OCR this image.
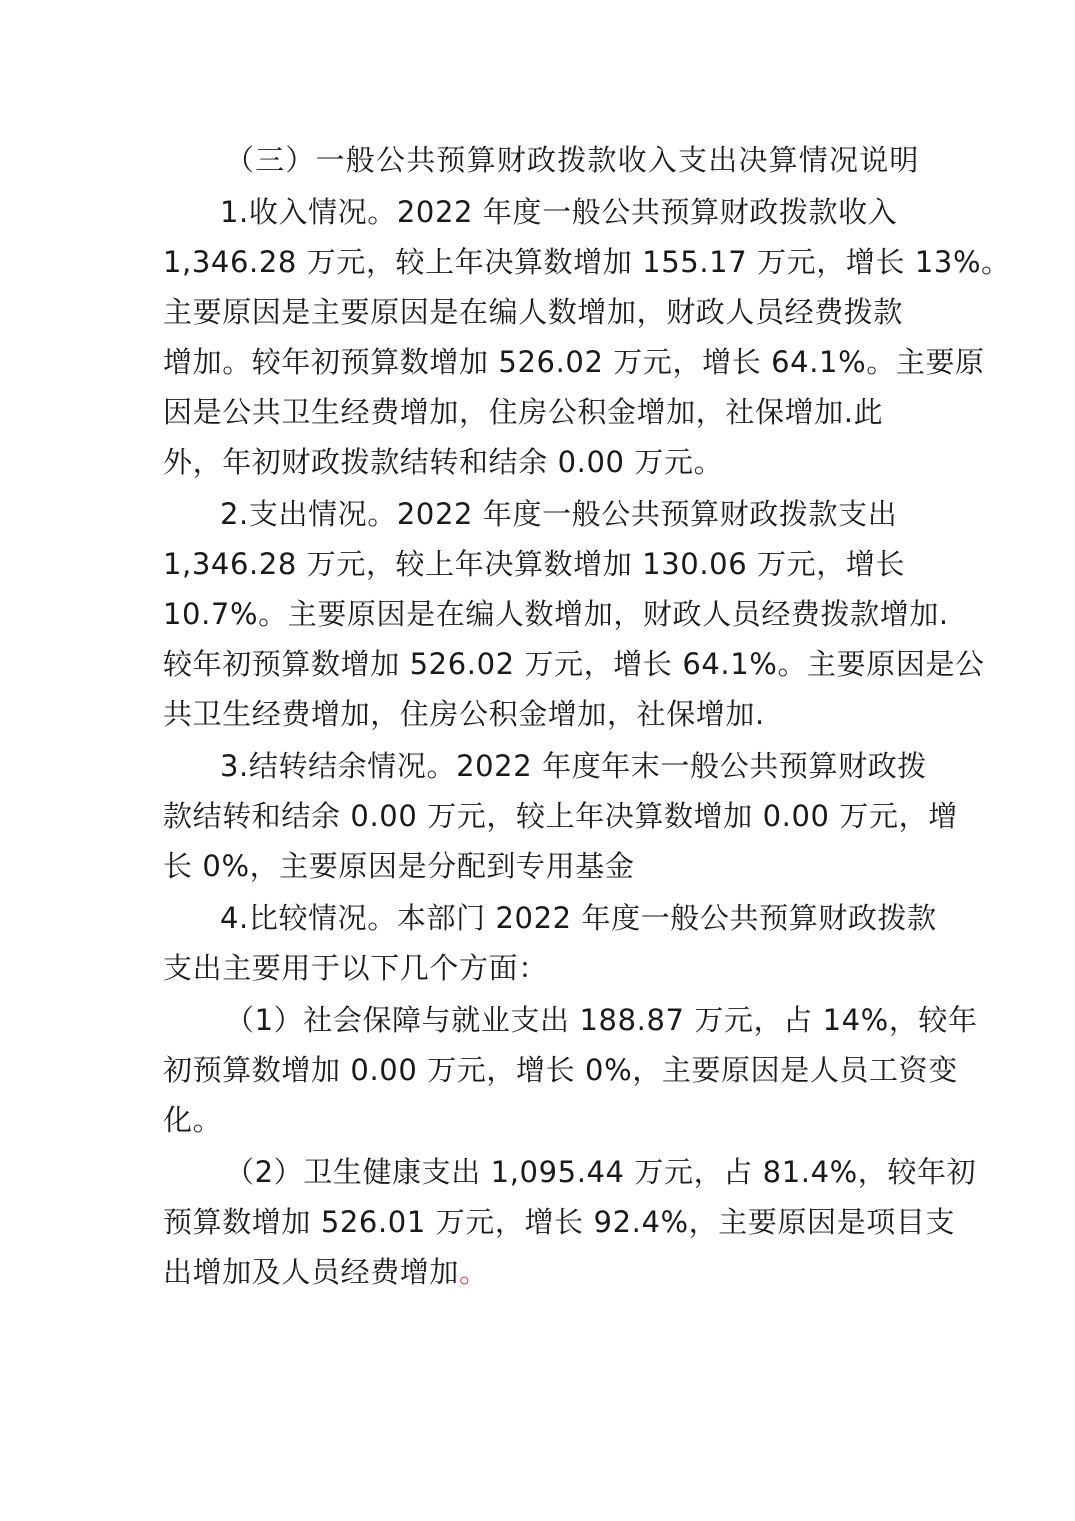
（三）一般公共预算财政拨款收入支出决算情况说明
1.收入情况。2022 年度一般公共预算财政拨款收入
1,346.28 万元，较上年决算数增加 155.17 万元，增长 13%。
主要原因是主要原因是在编人数增加，财政人员经费拨款
增加。较年初预算数增加 526.02 万元，增长 64.1%。主要原
因是公共卫生经费增加，住房公积金增加，社保增加.此
外，年初财政拨款结转和结余 0.00 万元。
2.支出情况。2022 年度一般公共预算财政拨款支出
1,346.28 万元，较上年决算数增加 130.06 万元，增长
10.7%。主要原因是在编人数增加，财政人员经费拨款增加.
较年初预算数增加 526.02 万元，增长 64.1%。主要原因是公
共卫生经费增加，住房公积金增加，社保增加.
3.结转结余情况。2022 年度年末一般公共预算财政拨
款结转和结余 0.00 万元，较上年决算数增加 0.00 万元，增
长 0%，主要原因是分配到专用基金
4.比较情况。本部门 2022 年度一般公共预算财政拨款
支出主要用于以下几个方面：
（1）社会保障与就业支出 188.87 万元，占 14%，较年
初预算数增加 0.00 万元，增长 0%，主要原因是人员工资变
化。
（2）卫生健康支出 1,095.44 万元，占 81.4%，较年初
预算数增加 526.01 万元，增长 92.4%，主要原因是项目支
出增加及人员经费增加。
